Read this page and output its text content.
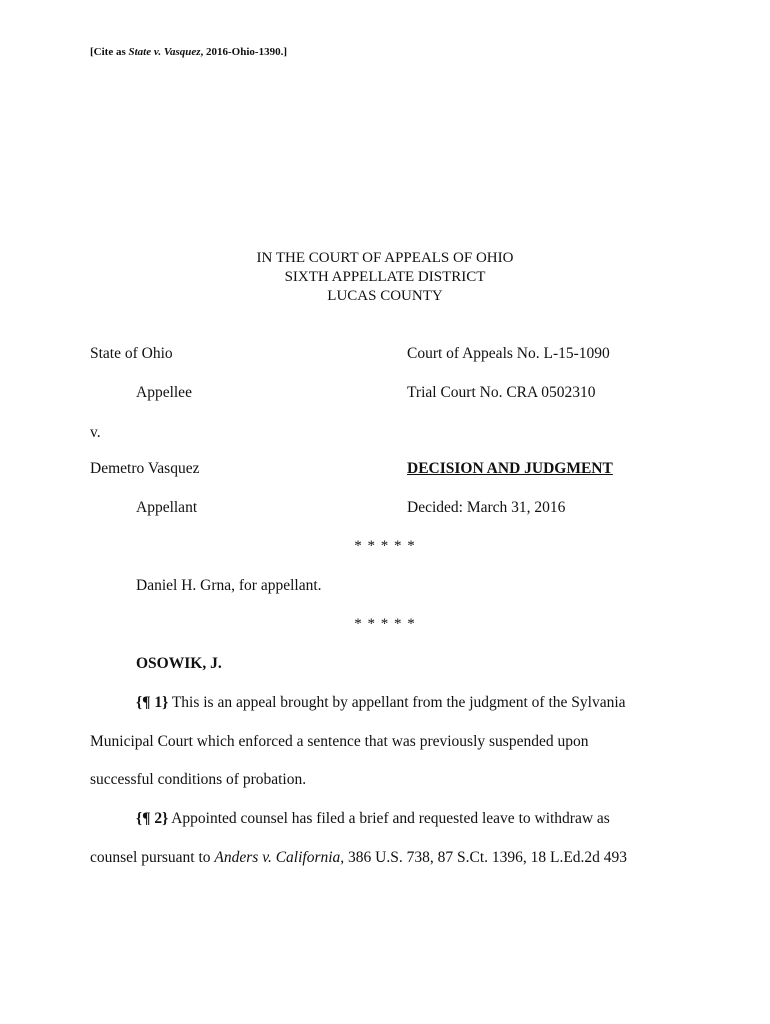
[Cite as State v. Vasquez, 2016-Ohio-1390.]
IN THE COURT OF APPEALS OF OHIO
SIXTH APPELLATE DISTRICT
LUCAS COUNTY
State of Ohio	Court of Appeals No. L-15-1090
Appellee	Trial Court No. CRA 0502310
v.
Demetro Vasquez	DECISION AND JUDGMENT
Appellant	Decided: March 31, 2016
* * * * *
Daniel H. Grna, for appellant.
* * * * *
OSOWIK, J.
{¶ 1} This is an appeal brought by appellant from the judgment of the Sylvania
Municipal Court which enforced a sentence that was previously suspended upon
successful conditions of probation.
{¶ 2} Appointed counsel has filed a brief and requested leave to withdraw as
counsel pursuant to Anders v. California, 386 U.S. 738, 87 S.Ct. 1396, 18 L.Ed.2d 493
